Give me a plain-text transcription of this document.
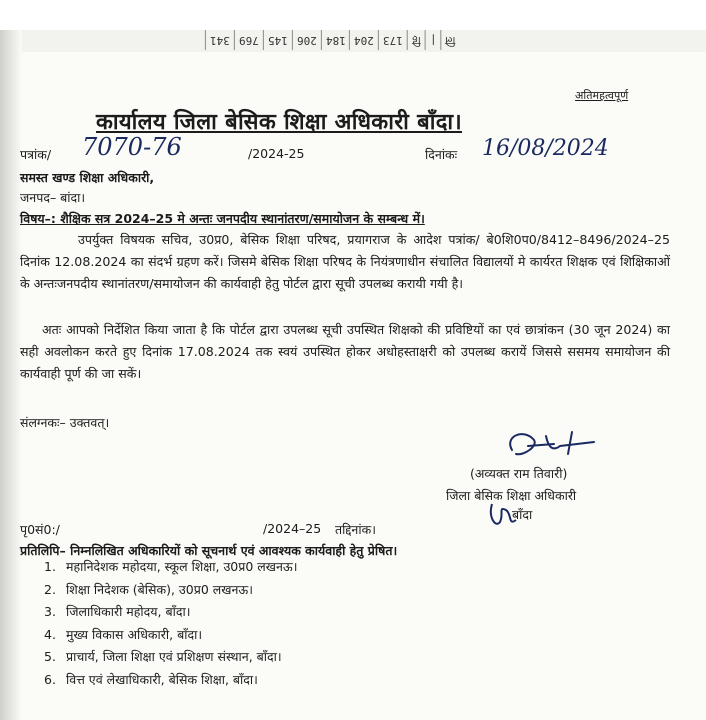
341 769 145 206 184 204 173 हि | लि
अतिमहत्वपूर्ण
कार्यालय जिला बेसिक शिक्षा अधिकारी बाँदा।
पत्रांक/ 7070-76	/2024-25	दिनांकः 16/08/2024
समस्त खण्ड शिक्षा अधिकारी,
जनपद– बांदा।
विषय–: शैक्षिक सत्र 2024–25 मे अन्तः जनपदीय स्थानांतरण/समायोजन के सम्बन्ध में।
उपर्युक्त विषयक सचिव, उ0प्र0, बेसिक शिक्षा परिषद, प्रयागराज के आदेश पत्रांक/ बे0शि0प0/8412–8496/2024–25 दिनांक 12.08.2024 का संदर्भ ग्रहण करें। जिसमे बेसिक शिक्षा परिषद के नियंत्रणाधीन संचालित विद्यालयों मे कार्यरत शिक्षक एवं शिक्षिकाओं के अन्तःजनपदीय स्थानांतरण/समायोजन की कार्यवाही हेतु पोर्टल द्वारा सूची उपलब्ध करायी गयी है।
अतः आपको निर्देशित किया जाता है कि पोर्टल द्वारा उपलब्ध सूची उपस्थित शिक्षको की प्रविष्टियों का एवं छात्रांकन (30 जून 2024) का सही अवलोकन करते हुए दिनांक 17.08.2024 तक स्वयं उपस्थित होकर अधोहस्ताक्षरी को उपलब्ध करायें जिससे ससमय समायोजन की कार्यवाही पूर्ण की जा सकें।
संलग्नकः– उक्तवत्।
(अव्यक्त राम तिवारी)
जिला बेसिक शिक्षा अधिकारी
बाँदा
पृ0सं0:/	/2024–25 तद्दिनांक।
प्रतिलिपि– निम्नलिखित अधिकारियों को सूचनार्थ एवं आवश्यक कार्यवाही हेतु प्रेषित।
1. महानिदेशक महोदया, स्कूल शिक्षा, उ0प्र0 लखनऊ।
2. शिक्षा निदेशक (बेसिक), उ0प्र0 लखनऊ।
3. जिलाधिकारी महोदय, बाँदा।
4. मुख्य विकास अधिकारी, बाँदा।
5. प्राचार्य, जिला शिक्षा एवं प्रशिक्षण संस्थान, बाँदा।
6. वित्त एवं लेखाधिकारी, बेसिक शिक्षा, बाँदा।
